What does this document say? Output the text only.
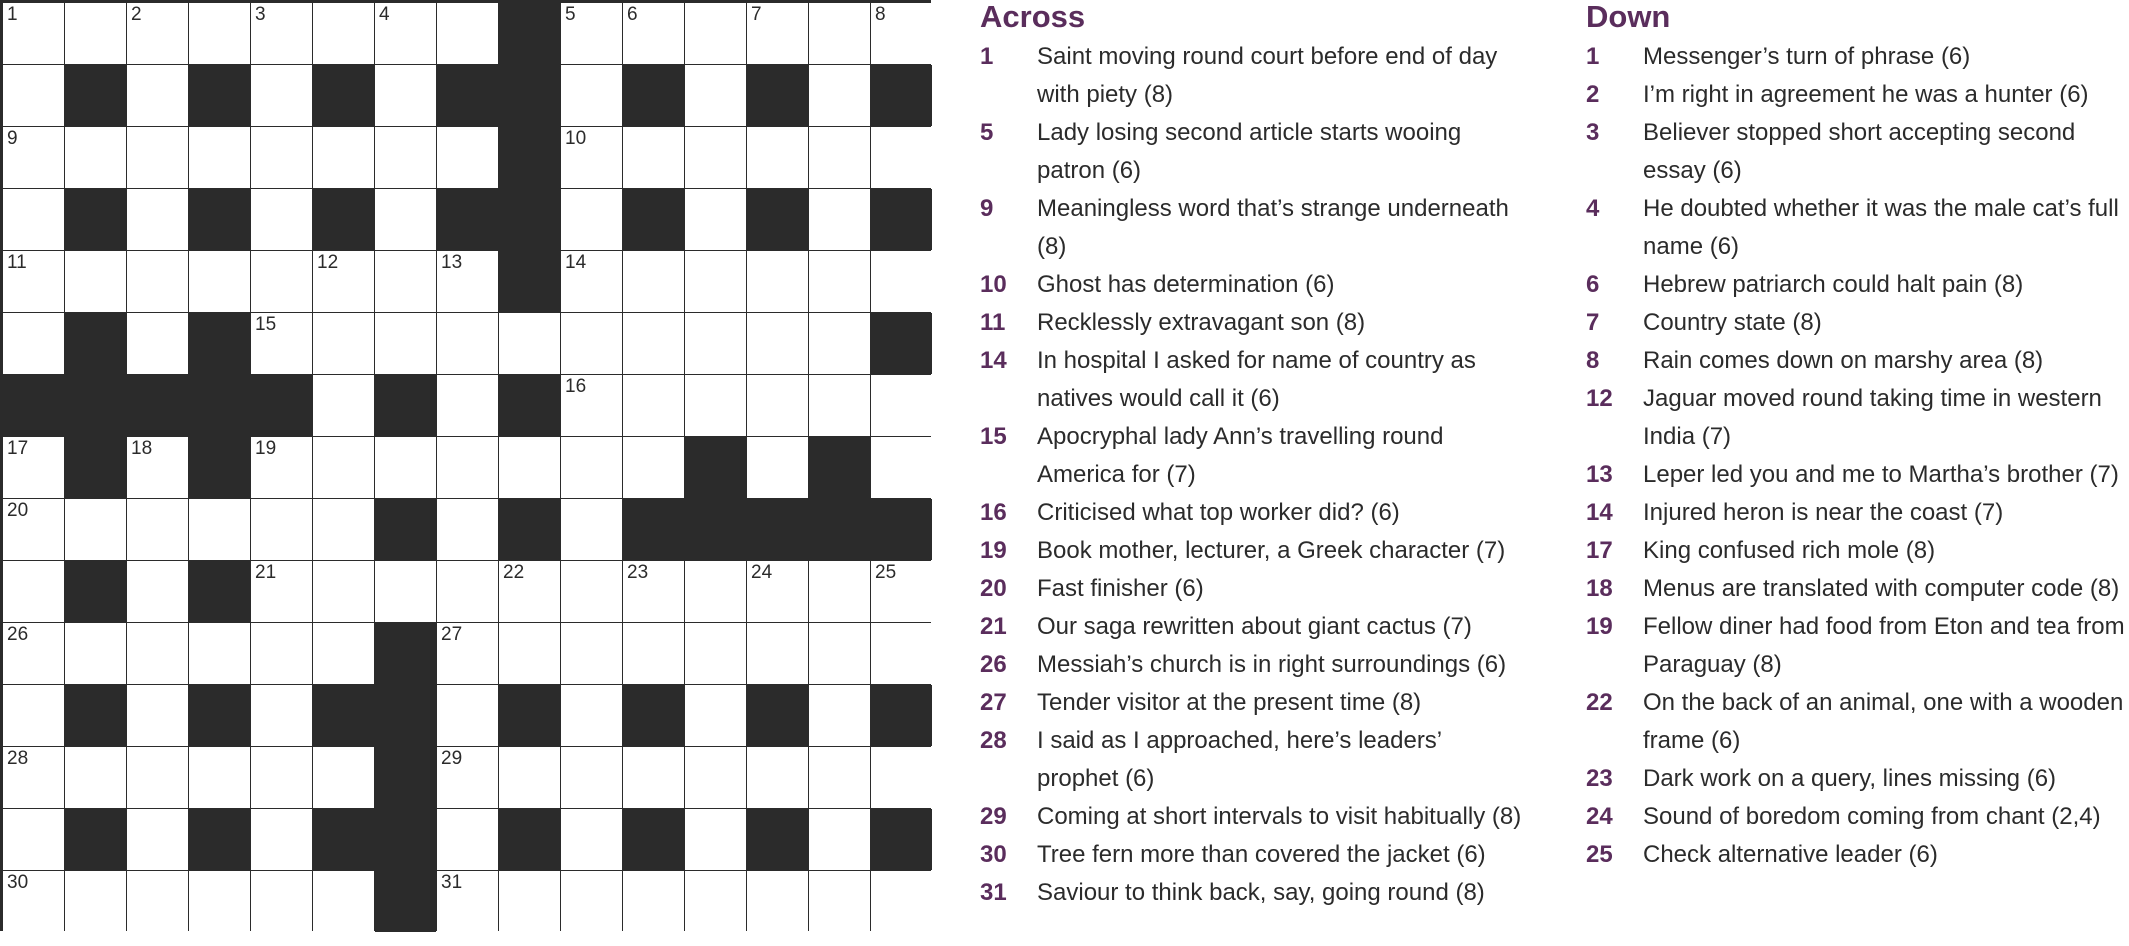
1	2	3	4	5	6	7	8
9	10
11	12	13	14
15
16
17	18	19
20
21	22	23	24	25
26	27
28	29
30	31
Across
1	Saint moving round court before end of day with piety (8)
5	Lady losing second article starts wooing patron (6)
9	Meaningless word that’s strange underneath (8)
10	Ghost has determination (6)
11	Recklessly extravagant son (8)
14	In hospital I asked for name of country as natives would call it (6)
15	Apocryphal lady Ann’s travelling round America for (7)
16	Criticised what top worker did? (6)
19	Book mother, lecturer, a Greek character (7)
20	Fast finisher (6)
21	Our saga rewritten about giant cactus (7)
26	Messiah’s church is in right surroundings (6)
27	Tender visitor at the present time (8)
28	I said as I approached, here’s leaders’ prophet (6)
29	Coming at short intervals to visit habitually (8)
30	Tree fern more than covered the jacket (6)
31	Saviour to think back, say, going round (8)
Down
1	Messenger’s turn of phrase (6)
2	I’m right in agreement he was a hunter (6)
3	Believer stopped short accepting second essay (6)
4	He doubted whether it was the male cat’s full name (6)
6	Hebrew patriarch could halt pain (8)
7	Country state (8)
8	Rain comes down on marshy area (8)
12	Jaguar moved round taking time in western India (7)
13	Leper led you and me to Martha’s brother (7)
14	Injured heron is near the coast (7)
17	King confused rich mole (8)
18	Menus are translated with computer code (8)
19	Fellow diner had food from Eton and tea from Paraguay (8)
22	On the back of an animal, one with a wooden frame (6)
23	Dark work on a query, lines missing (6)
24	Sound of boredom coming from chant (2,4)
25	Check alternative leader (6)
